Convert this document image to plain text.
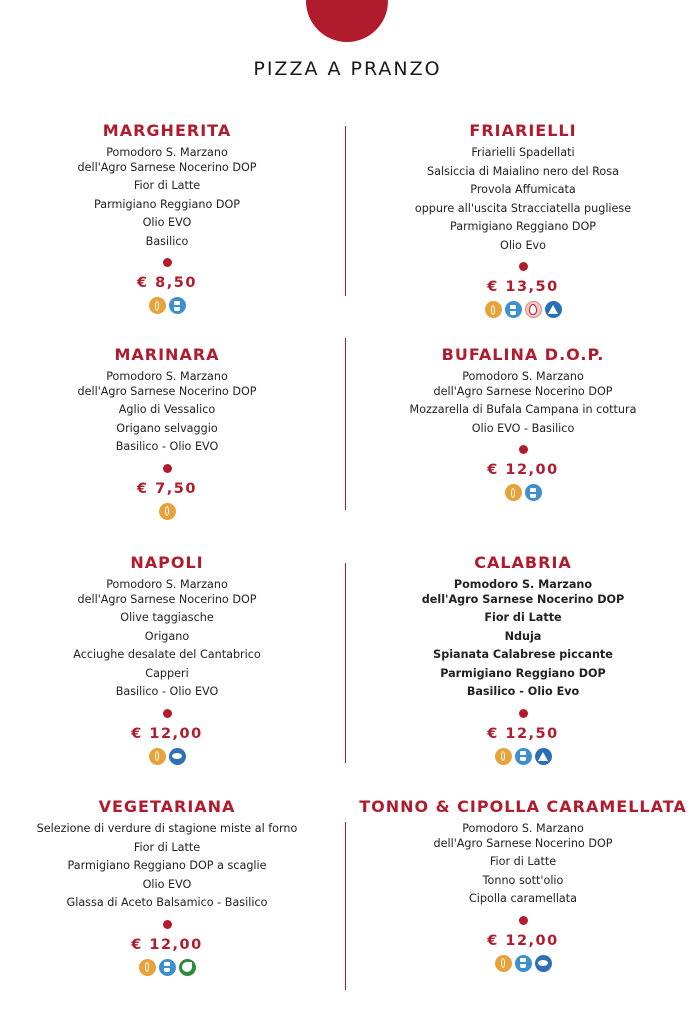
PIZZA A PRANZO
MARGHERITA
Pomodoro S. Marzano
dell'Agro Sarnese Nocerino DOP
Fior di Latte
Parmigiano Reggiano DOP
Olio EVO
Basilico
€ 8,50
FRIARIELLI
Friarielli Spadellati
Salsiccia di Maialino nero del Rosa
Provola Affumicata
oppure all'uscita Stracciatella pugliese
Parmigiano Reggiano DOP
Olio Evo
€ 13,50
MARINARA
Pomodoro S. Marzano
dell'Agro Sarnese Nocerino DOP
Aglio di Vessalico
Origano selvaggio
Basilico - Olio EVO
€ 7,50
BUFALINA D.O.P.
Pomodoro S. Marzano
dell'Agro Sarnese Nocerino DOP
Mozzarella di Bufala Campana in cottura
Olio EVO - Basilico
€ 12,00
NAPOLI
Pomodoro S. Marzano
dell'Agro Sarnese Nocerino DOP
Olive taggiasche
Origano
Acciughe desalate del Cantabrico
Capperi
Basilico - Olio EVO
€ 12,00
CALABRIA
Pomodoro S. Marzano
dell'Agro Sarnese Nocerino DOP
Fior di Latte
Nduja
Spianata Calabrese piccante
Parmigiano Reggiano DOP
Basilico - Olio Evo
€ 12,50
VEGETARIANA
Selezione di verdure di stagione miste al forno
Fior di Latte
Parmigiano Reggiano DOP a scaglie
Olio EVO
Glassa di Aceto Balsamico - Basilico
€ 12,00
TONNO & CIPOLLA CARAMELLATA
Pomodoro S. Marzano
dell'Agro Sarnese Nocerino DOP
Fior di Latte
Tonno sott'olio
Cipolla caramellata
€ 12,00
